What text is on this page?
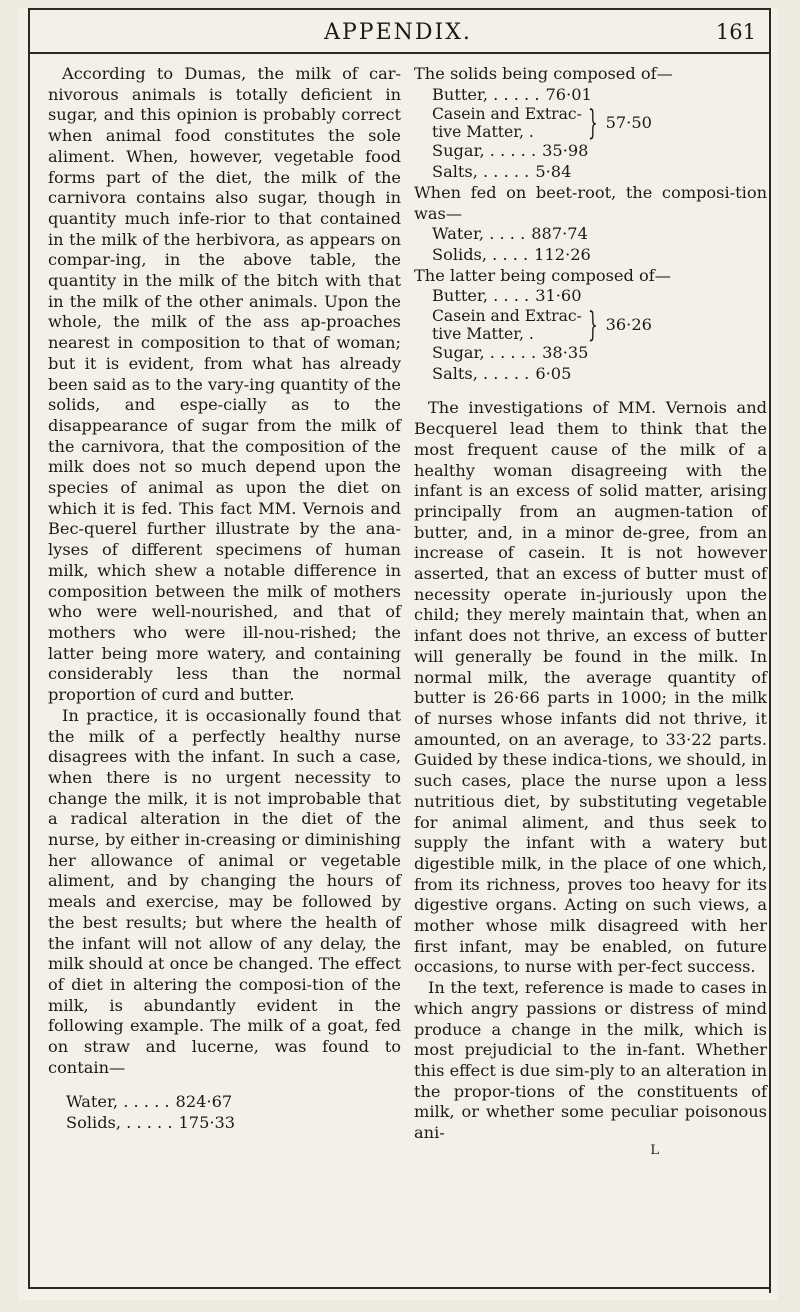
APPENDIX.	161

According to Dumas, the milk of car-nivorous animals is totally deficient in sugar, and this opinion is probably correct when animal food constitutes the sole aliment. When, however, vegetable food forms part of the diet, the milk of the carnivora contains also sugar, though in quantity much infe-rior to that contained in the milk of the herbivora, as appears on compar-ing, in the above table, the quantity in the milk of the bitch with that in the milk of the other animals. Upon the whole, the milk of the ass ap-proaches nearest in composition to that of woman; but it is evident, from what has already been said as to the vary-ing quantity of the solids, and espe-cially as to the disappearance of sugar from the milk of the carnivora, that the composition of the milk does not so much depend upon the species of animal as upon the diet on which it is fed. This fact MM. Vernois and Bec-querel further illustrate by the ana-lyses of different specimens of human milk, which shew a notable difference in composition between the milk of mothers who were well-nourished, and that of mothers who were ill-nou-rished; the latter being more watery, and containing considerably less than the normal proportion of curd and butter.

In practice, it is occasionally found that the milk of a perfectly healthy nurse disagrees with the infant. In such a case, when there is no urgent necessity to change the milk, it is not improbable that a radical alteration in the diet of the nurse, by either in-creasing or diminishing her allowance of animal or vegetable aliment, and by changing the hours of meals and exercise, may be followed by the best results; but where the health of the infant will not allow of any delay, the milk should at once be changed. The effect of diet in altering the composi-tion of the milk, is abundantly evident in the following example. The milk of a goat, fed on straw and lucerne, was found to contain—

Water, . . . . . 824·67
Solids, . . . . . 175·33
The solids being composed of—
Butter, . . . . . 76·01
Casein and Extrac-
tive Matter, .	} 57·50
Sugar, . . . . . 35·98
Salts, . . . . . 5·84
When fed on beet-root, the composi-tion was—
Water, . . . . 887·74
Solids, . . . . 112·26
The latter being composed of—
Butter, . . . . 31·60
Casein and Extrac-
tive Matter, .	} 36·26
Sugar, . . . . . 38·35
Salts, . . . . . 6·05

The investigations of MM. Vernois and Becquerel lead them to think that the most frequent cause of the milk of a healthy woman disagreeing with the infant is an excess of solid matter, arising principally from an augmen-tation of butter, and, in a minor de-gree, from an increase of casein. It is not however asserted, that an excess of butter must of necessity operate in-juriously upon the child; they merely maintain that, when an infant does not thrive, an excess of butter will generally be found in the milk. In normal milk, the average quantity of butter is 26·66 parts in 1000; in the milk of nurses whose infants did not thrive, it amounted, on an average, to 33·22 parts. Guided by these indica-tions, we should, in such cases, place the nurse upon a less nutritious diet, by substituting vegetable for animal aliment, and thus seek to supply the infant with a watery but digestible milk, in the place of one which, from its richness, proves too heavy for its digestive organs. Acting on such views, a mother whose milk disagreed with her first infant, may be enabled, on future occasions, to nurse with per-fect success.

In the text, reference is made to cases in which angry passions or distress of mind produce a change in the milk, which is most prejudicial to the in-fant. Whether this effect is due sim-ply to an alteration in the propor-tions of the constituents of milk, or whether some peculiar poisonous ani-

L
